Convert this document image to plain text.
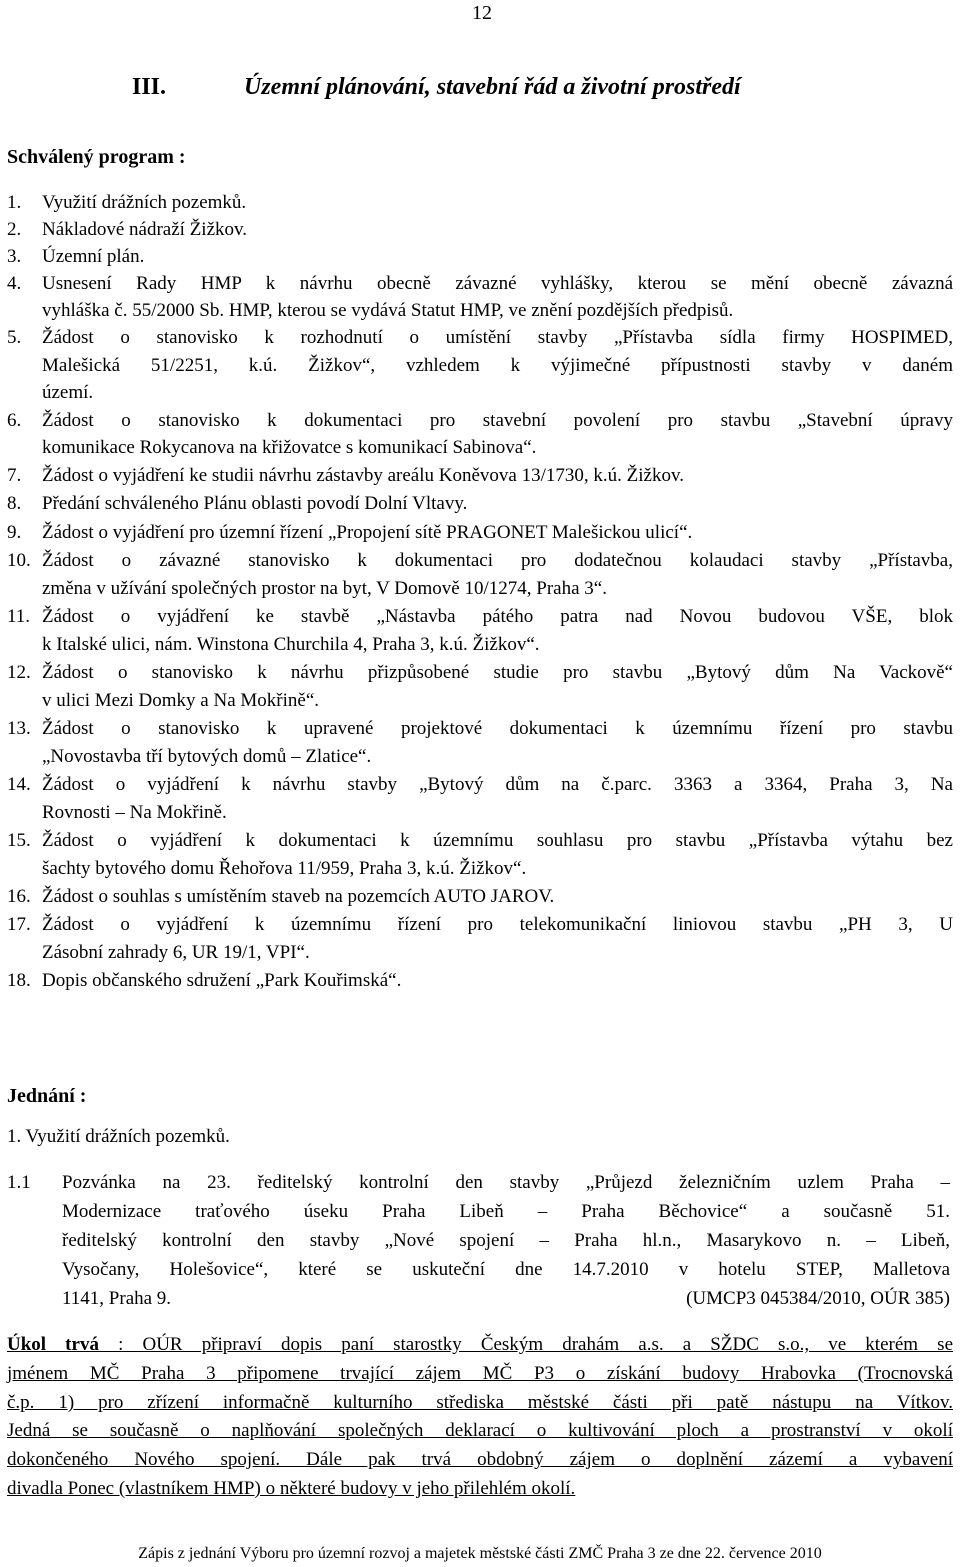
12
III.	Územní plánování, stavební řád a životní prostředí
Schválený program :
1. Využití drážních pozemků.
2. Nákladové nádraží Žižkov.
3. Územní plán.
4. Usnesení Rady HMP k návrhu obecně závazné vyhlášky, kterou se mění obecně závazná
vyhláška č. 55/2000 Sb. HMP, kterou se vydává Statut HMP, ve znění pozdějších předpisů.
5. Žádost o stanovisko k rozhodnutí o umístění stavby „Přístavba sídla firmy HOSPIMED,
Malešická 51/2251, k.ú. Žižkov“, vzhledem k výjimečné přípustnosti stavby v daném
území.
6. Žádost o stanovisko k dokumentaci pro stavební povolení pro stavbu „Stavební úpravy
komunikace Rokycanova na křižovatce s komunikací Sabinova“.
7. Žádost o vyjádření ke studii návrhu zástavby areálu Koněvova 13/1730, k.ú. Žižkov.
8. Předání schváleného Plánu oblasti povodí Dolní Vltavy.
9. Žádost o vyjádření pro územní řízení „Propojení sítě PRAGONET Malešickou ulicí“.
10. Žádost o závazné stanovisko k dokumentaci pro dodatečnou kolaudaci stavby „Přístavba,
změna v užívání společných prostor na byt, V Domově 10/1274, Praha 3“.
11. Žádost o vyjádření ke stavbě „Nástavba pátého patra nad Novou budovou VŠE, blok
k Italské ulici, nám. Winstona Churchila 4, Praha 3, k.ú. Žižkov“.
12. Žádost o stanovisko k návrhu přizpůsobené studie pro stavbu „Bytový dům Na Vackově“
v ulici Mezi Domky a Na Mokřině“.
13. Žádost o stanovisko k upravené projektové dokumentaci k územnímu řízení pro stavbu
„Novostavba tří bytových domů – Zlatice“.
14. Žádost o vyjádření k návrhu stavby „Bytový dům na č.parc. 3363 a 3364, Praha 3, Na
Rovnosti – Na Mokřině.
15. Žádost o vyjádření k dokumentaci k územnímu souhlasu pro stavbu „Přístavba výtahu bez
šachty bytového domu Řehořova 11/959, Praha 3, k.ú. Žižkov“.
16. Žádost o souhlas s umístěním staveb na pozemcích AUTO JAROV.
17. Žádost o vyjádření k územnímu řízení pro telekomunikační liniovou stavbu „PH 3, U
Zásobní zahrady 6, UR 19/1, VPI“.
18. Dopis občanského sdružení „Park Kouřimská“.
Jednání :
1. Využití drážních pozemků.
1.1 Pozvánka na 23. ředitelský kontrolní den stavby „Průjezd železničním uzlem Praha –
Modernizace traťového úseku Praha Libeň – Praha Běchovice“ a současně 51.
ředitelský kontrolní den stavby „Nové spojení – Praha hl.n., Masarykovo n. – Libeň,
Vysočany, Holešovice“, které se uskuteční dne 14.7.2010 v hotelu STEP, Malletova
1141, Praha 9.	(UMCP3 045384/2010, OÚR 385)
Úkol trvá : OÚR připraví dopis paní starostky Českým drahám a.s. a SŽDC s.o., ve kterém se
jménem MČ Praha 3 připomene trvající zájem MČ P3 o získání budovy Hrabovka (Trocnovská
č.p. 1) pro zřízení informačně kulturního střediska městské části při patě nástupu na Vítkov.
Jedná se současně o naplňování společných deklarací o kultivování ploch a prostranství v okolí
dokončeného Nového spojení. Dále pak trvá obdobný zájem o doplnění zázemí a vybavení
divadla Ponec (vlastníkem HMP) o některé budovy v jeho přilehlém okolí.
Zápis z jednání Výboru pro územní rozvoj a majetek městské části ZMČ Praha 3 ze dne 22. července 2010
